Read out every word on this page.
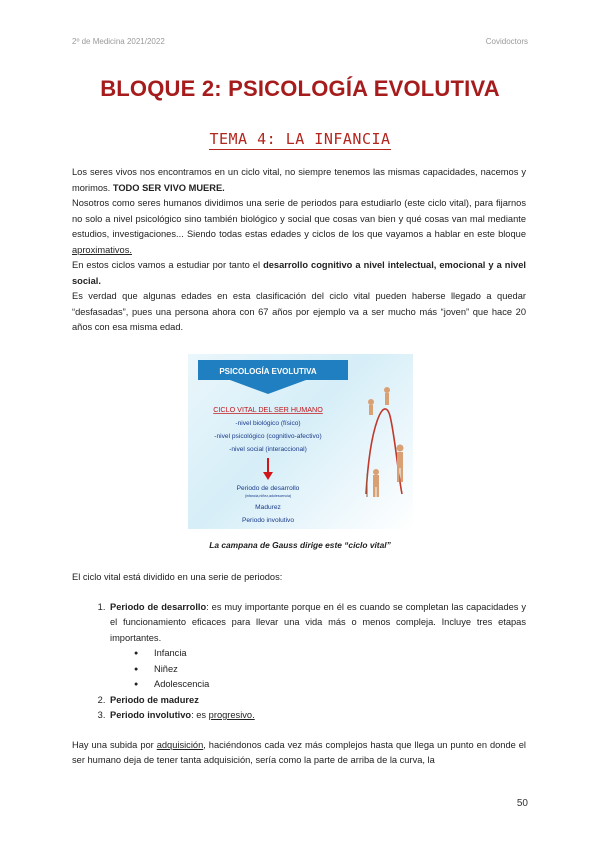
2º de Medicina 2021/2022	Covidoctors
BLOQUE 2: PSICOLOGÍA EVOLUTIVA
TEMA 4: LA INFANCIA

Los seres vivos nos encontramos en un ciclo vital, no siempre tenemos las mismas capacidades, nacemos y morimos. TODO SER VIVO MUERE.

Nosotros como seres humanos dividimos una serie de periodos para estudiarlo (este ciclo vital), para fijarnos no solo a nivel psicológico sino también biológico y social que cosas van bien y qué cosas van mal mediante estudios, investigaciones... Siendo todas estas edades y ciclos de los que vayamos a hablar en este bloque aproximativos.

En estos ciclos vamos a estudiar por tanto el desarrollo cognitivo a nivel intelectual, emocional y a nivel social.

Es verdad que algunas edades en esta clasificación del ciclo vital pueden haberse llegado a quedar “desfasadas”, pues una persona ahora con 67 años por ejemplo va a ser mucho más “joven” que hace 20 años con esa misma edad.

PSICOLOGÍA EVOLUTIVA
CICLO VITAL DEL SER HUMANO
-nivel biológico (físico)
-nivel psicológico (cognitivo-afectivo)
-nivel social (interaccional)
Periodo de desarrollo
(infancia,niñez,adolescencia)
Madurez
Periodo involutivo
La campana de Gauss dirige este “ciclo vital”

El ciclo vital está dividido en una serie de periodos:

1. Periodo de desarrollo: es muy importante porque en él es cuando se completan las capacidades y el funcionamiento eficaces para llevar una vida más o menos compleja. Incluye tres etapas importantes.
● Infancia
● Niñez
● Adolescencia
2. Periodo de madurez
3. Periodo involutivo: es progresivo.

Hay una subida por adquisición, haciéndonos cada vez más complejos hasta que llega un punto en donde el ser humano deja de tener tanta adquisición, sería como la parte de arriba de la curva, la

50
